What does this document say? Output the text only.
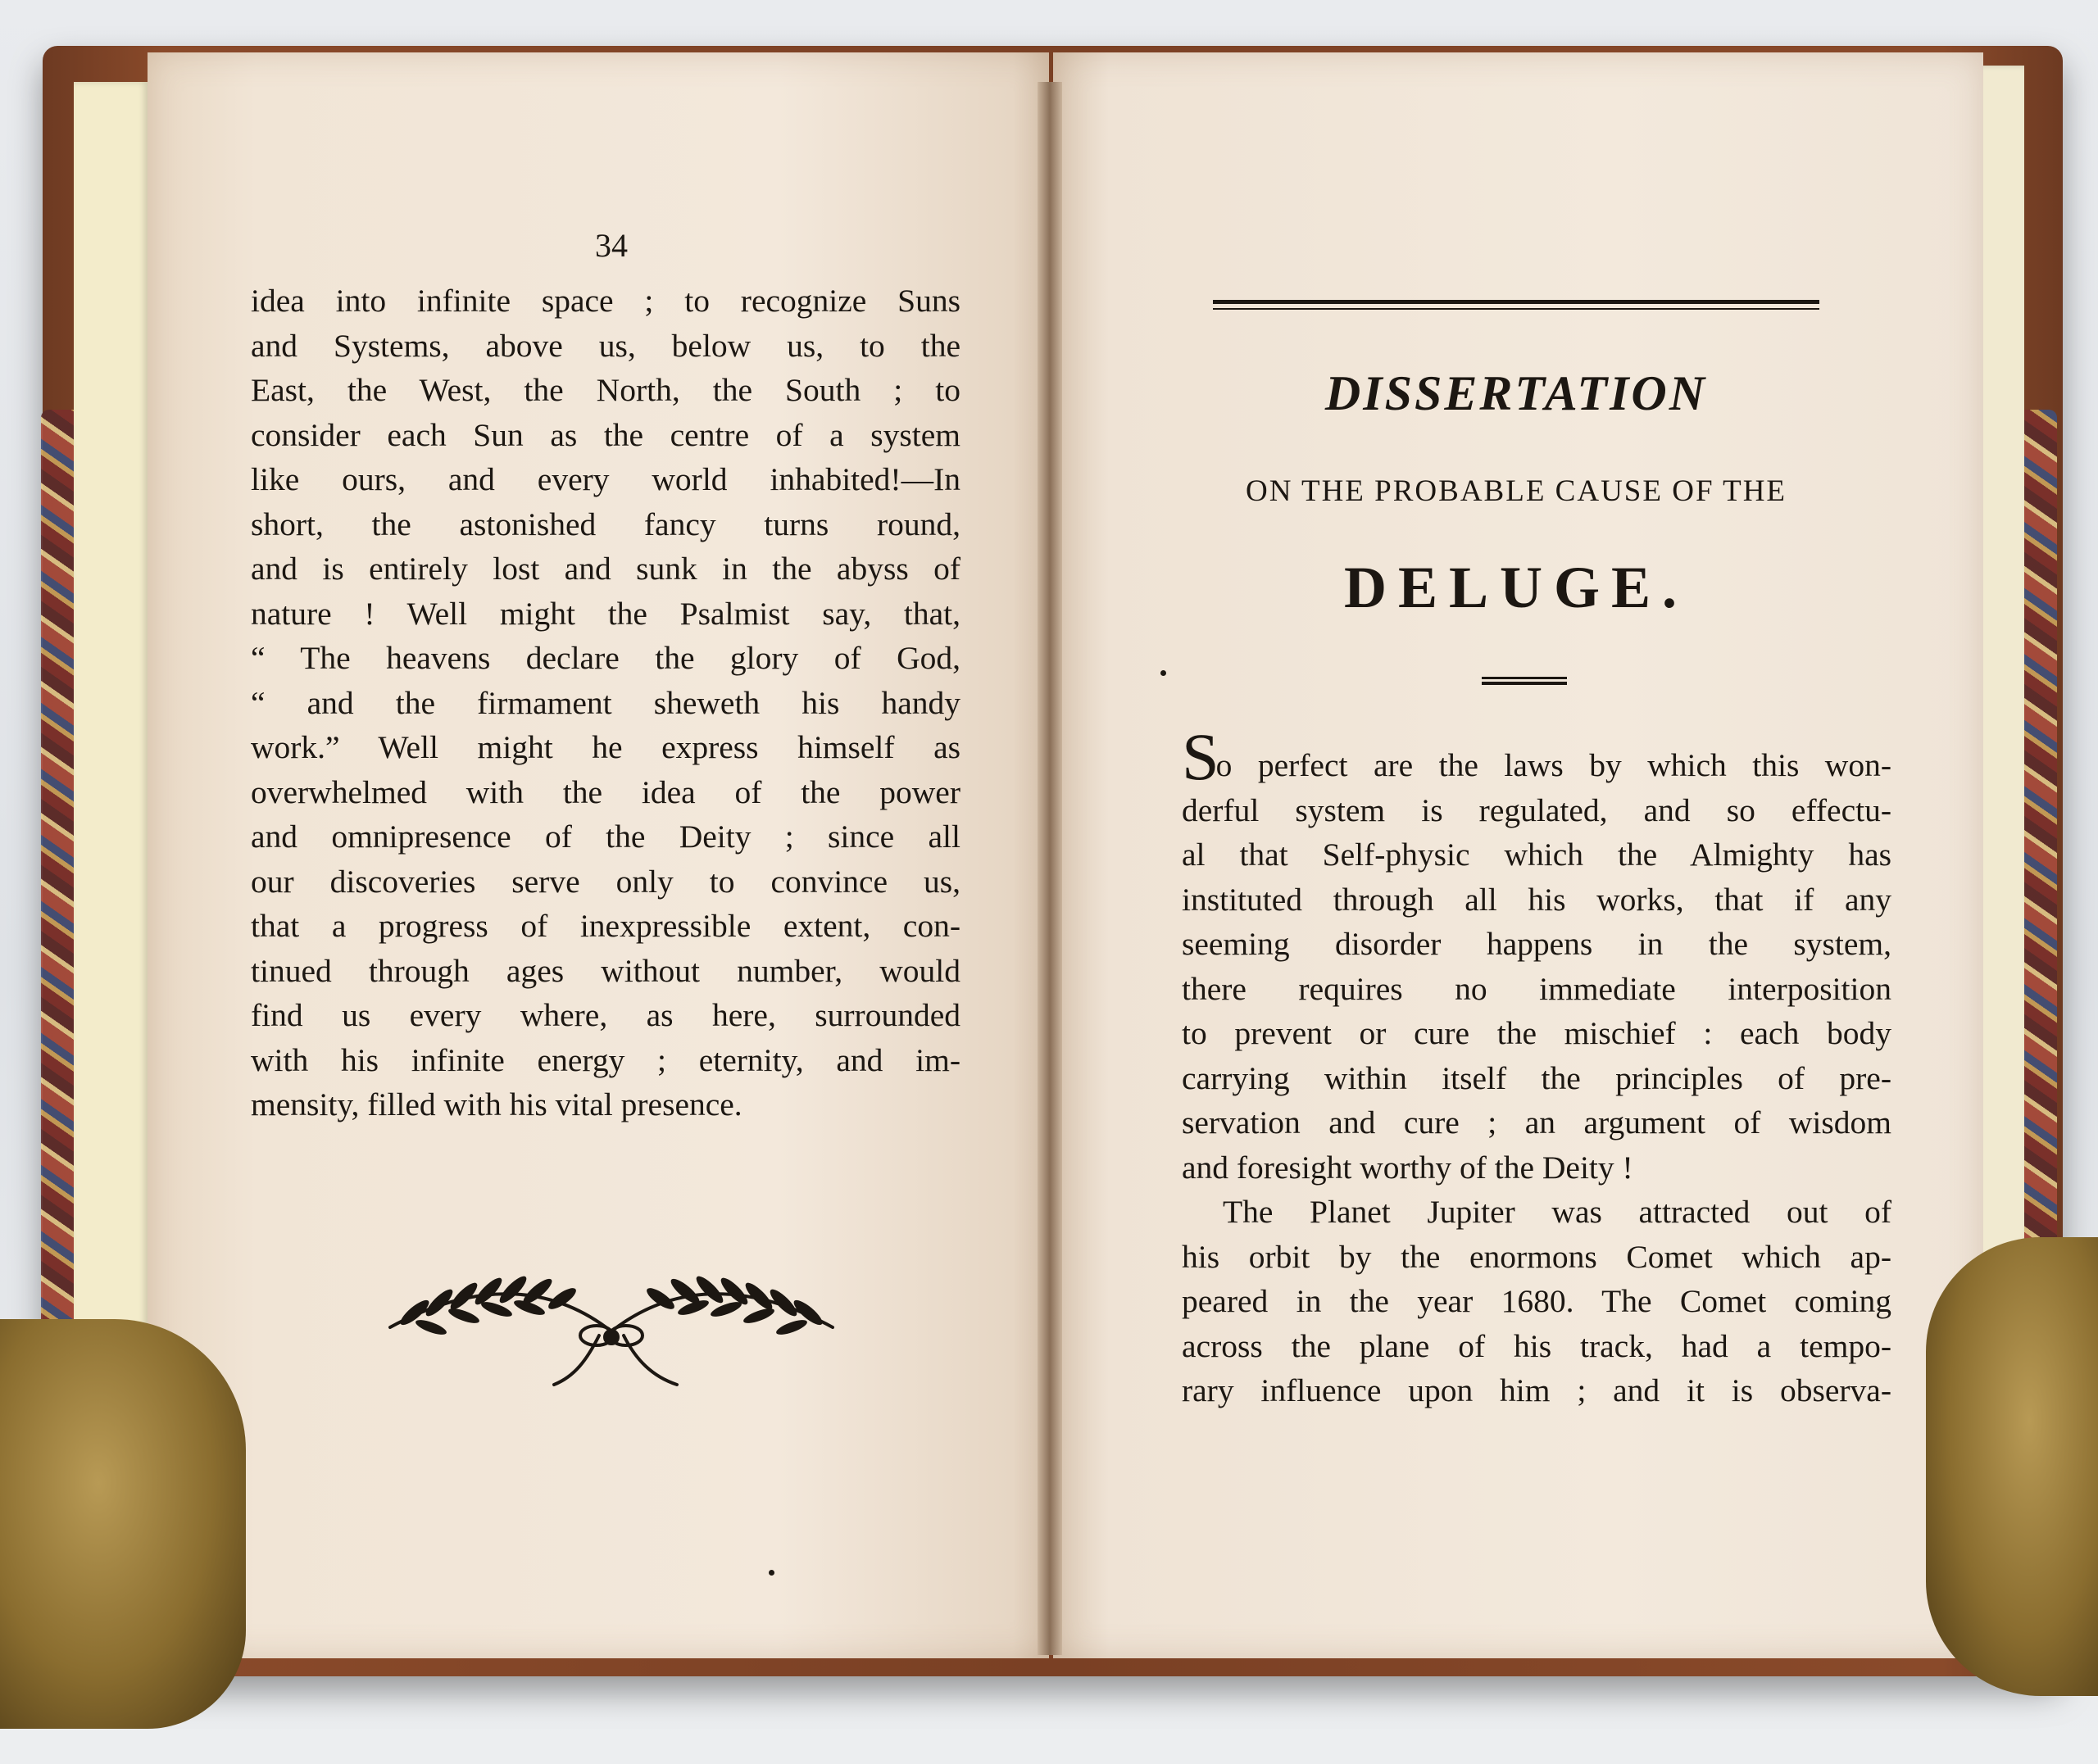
34

idea into infinite space ; to recognize Suns
and Systems, above us, below us, to the
East, the West, the North, the South ; to
consider each Sun as the centre of a system
like ours, and every world inhabited!—In
short, the astonished fancy turns round,
and is entirely lost and sunk in the abyss of
nature ! Well might the Psalmist say, that,
“ The heavens declare the glory of God,
“ and the firmament sheweth his handy
work.” Well might he express himself as
overwhelmed with the idea of the power
and omnipresence of the Deity ; since all
our discoveries serve only to convince us,
that a progress of inexpressible extent, con-
tinued through ages without number, would
find us every where, as here, surrounded
with his infinite energy ; eternity, and im-
mensity, filled with his vital presence.
DISSERTATION

ON THE PROBABLE CAUSE OF THE

DELUGE.

So perfect are the laws by which this won-
derful system is regulated, and so effectu-
al that Self-physic which the Almighty has
instituted through all his works, that if any
seeming disorder happens in the system,
there requires no immediate interposition
to prevent or cure the mischief : each body
carrying within itself the principles of pre-
servation and cure ; an argument of wisdom
and foresight worthy of the Deity !
The Planet Jupiter was attracted out of
his orbit by the enormons Comet which ap-
peared in the year 1680. The Comet coming
across the plane of his track, had a tempo-
rary influence upon him ; and it is observa-
